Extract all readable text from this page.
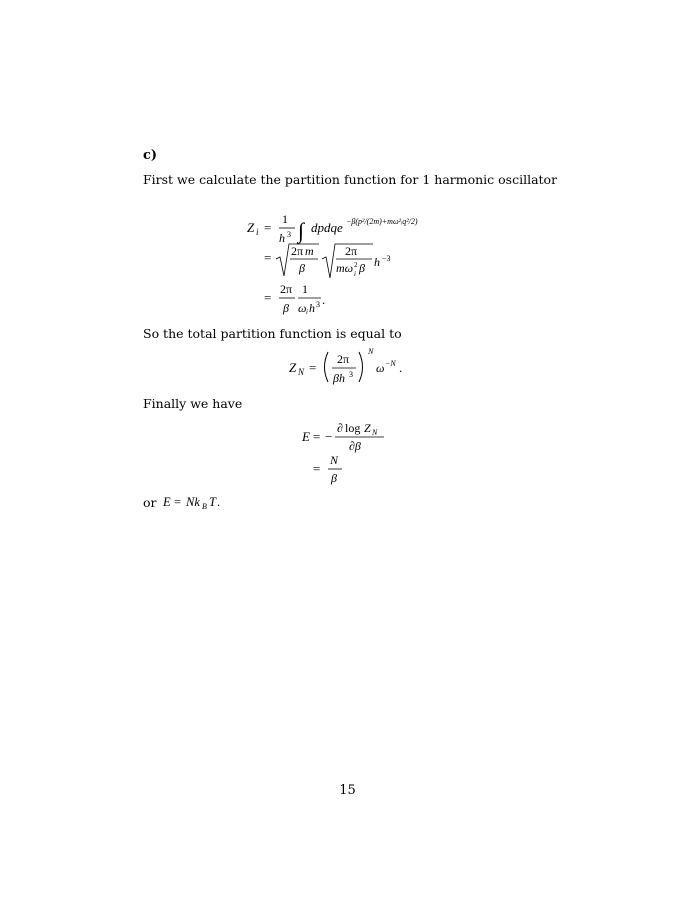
c)
First we calculate the partition function for 1 harmonic oscillator
Z i =
1
h 3 ∫ dpdqe −β(p²/(2m)+mω²ᵢq²/2)
= 2π m
β
2π
mω 2
i β h −3
=
2π
β
1
ω i h 3 .
So the total partition function is equal to
Z N =
2π
βh 3
N
ω −N .
Finally we have
E = −
∂ log Z N
∂β
=
N
β
or E = Nk B T .
15
